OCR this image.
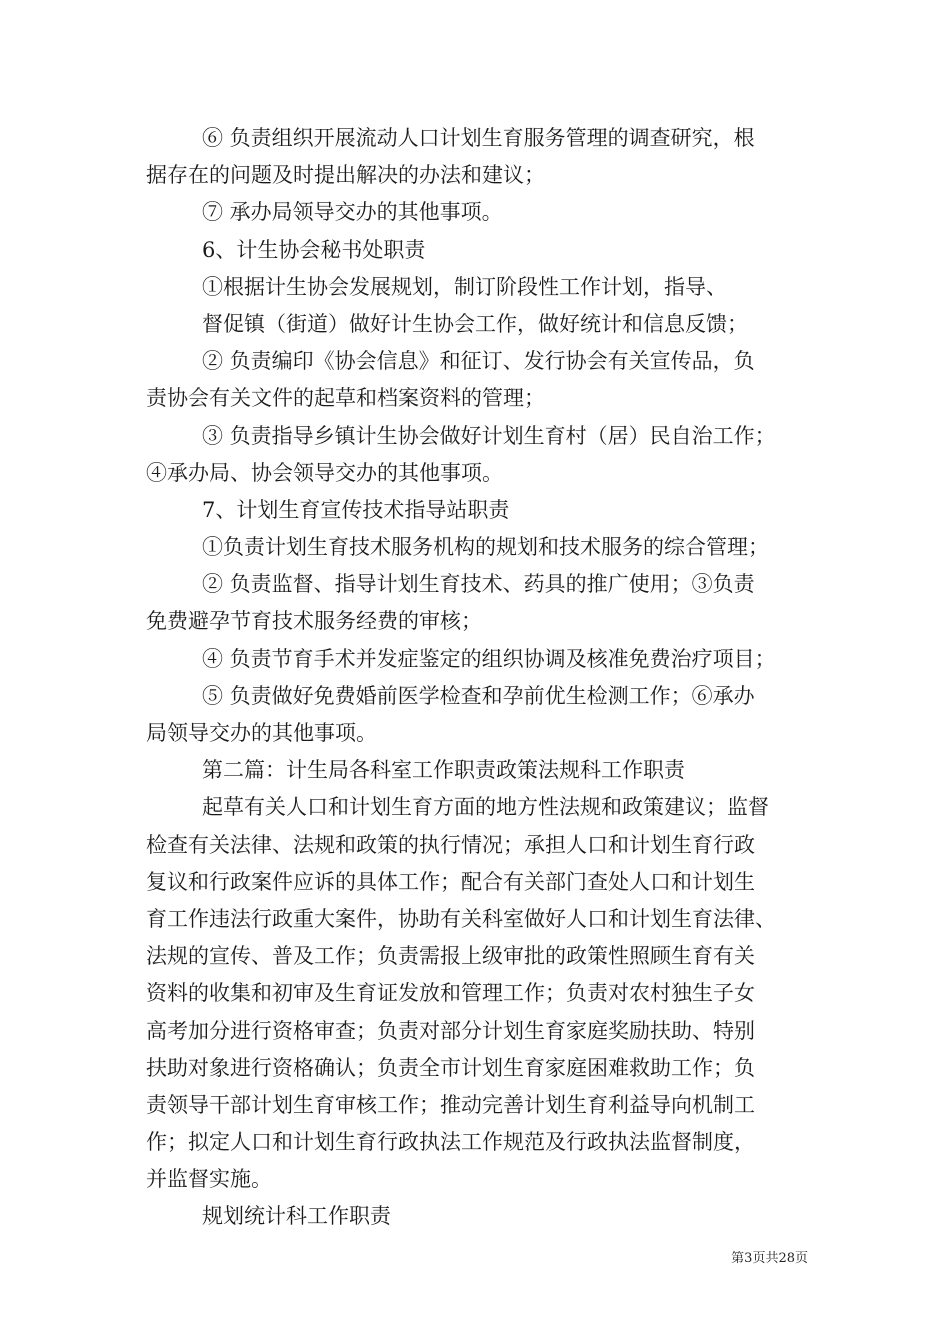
⑥ 负责组织开展流动人口计划生育服务管理的调查研究，根
据存在的问题及时提出解决的办法和建议；
⑦ 承办局领导交办的其他事项。
6、计生协会秘书处职责
①根据计生协会发展规划，制订阶段性工作计划，指导、
督促镇（街道）做好计生协会工作，做好统计和信息反馈；
② 负责编印《协会信息》和征订、发行协会有关宣传品，负
责协会有关文件的起草和档案资料的管理；
③ 负责指导乡镇计生协会做好计划生育村（居）民自治工作；
④承办局、协会领导交办的其他事项。
7、计划生育宣传技术指导站职责
①负责计划生育技术服务机构的规划和技术服务的综合管理；
② 负责监督、指导计划生育技术、药具的推广使用；③负责
免费避孕节育技术服务经费的审核；
④ 负责节育手术并发症鉴定的组织协调及核准免费治疗项目；
⑤ 负责做好免费婚前医学检查和孕前优生检测工作；⑥承办
局领导交办的其他事项。
第二篇：计生局各科室工作职责政策法规科工作职责
起草有关人口和计划生育方面的地方性法规和政策建议；监督
检查有关法律、法规和政策的执行情况；承担人口和计划生育行政
复议和行政案件应诉的具体工作；配合有关部门查处人口和计划生
育工作违法行政重大案件，协助有关科室做好人口和计划生育法律、
法规的宣传、普及工作；负责需报上级审批的政策性照顾生育有关
资料的收集和初审及生育证发放和管理工作；负责对农村独生子女
高考加分进行资格审查；负责对部分计划生育家庭奖励扶助、特别
扶助对象进行资格确认；负责全市计划生育家庭困难救助工作；负
责领导干部计划生育审核工作；推动完善计划生育利益导向机制工
作；拟定人口和计划生育行政执法工作规范及行政执法监督制度，
并监督实施。
规划统计科工作职责
第3页共28页
